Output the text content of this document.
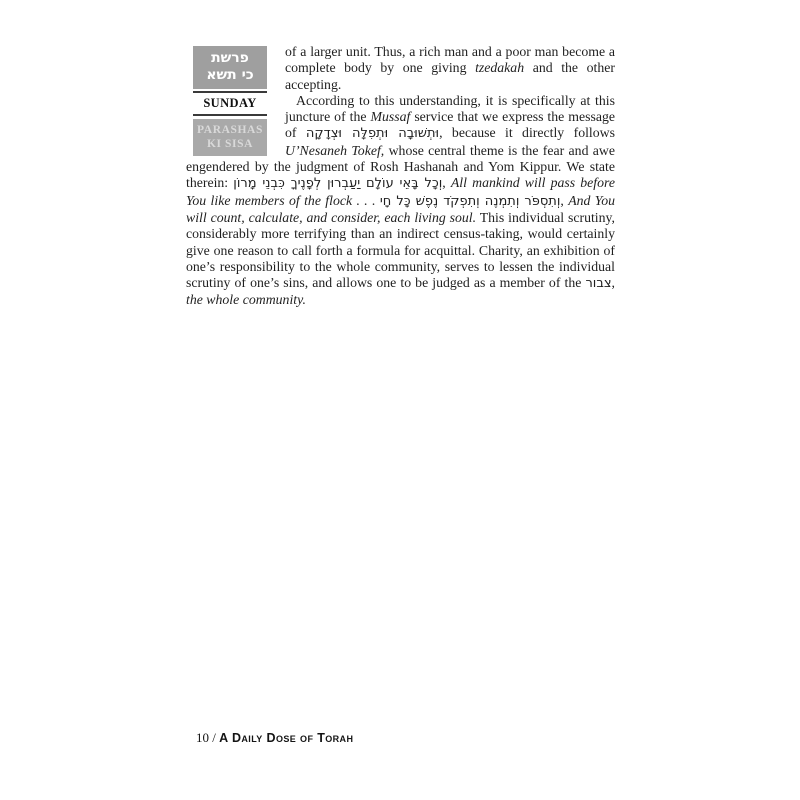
פרשת
כי תשא
SUNDAY
PARASHAS
KI SISA

of a larger unit. Thus, a rich man and a poor man become a complete body by one giving tzedakah and the other accepting.

According to this understanding, it is specifically at this juncture of the Mussaf service that we express the message of וּתְשׁוּבָה וּתְפִלָּה וּצְדָקָה, because it directly follows U’Nesaneh Tokef, whose central theme is the fear and awe engendered by the judgment of Rosh Hashanah and Yom Kippur. We state therein: וְכָל בָּאֵי עוֹלָם יַעַבְרוּן לְפָנֶיךָ כִּבְנֵי מָרוֹן, All mankind will pass before You like members of the flock . . . וְתִסְפֹּר וְתִמְנֶה וְתִפְקֹד נֶפֶשׁ כָּל חָי, And You will count, calculate, and consider, each living soul. This individual scrutiny, considerably more terrifying than an indirect census-taking, would certainly give one reason to call forth a formula for acquittal. Charity, an exhibition of one’s responsibility to the whole community, serves to lessen the individual scrutiny of one’s sins, and allows one to be judged as a member of the צבור, the whole community.

10 / A Daily Dose of Torah
